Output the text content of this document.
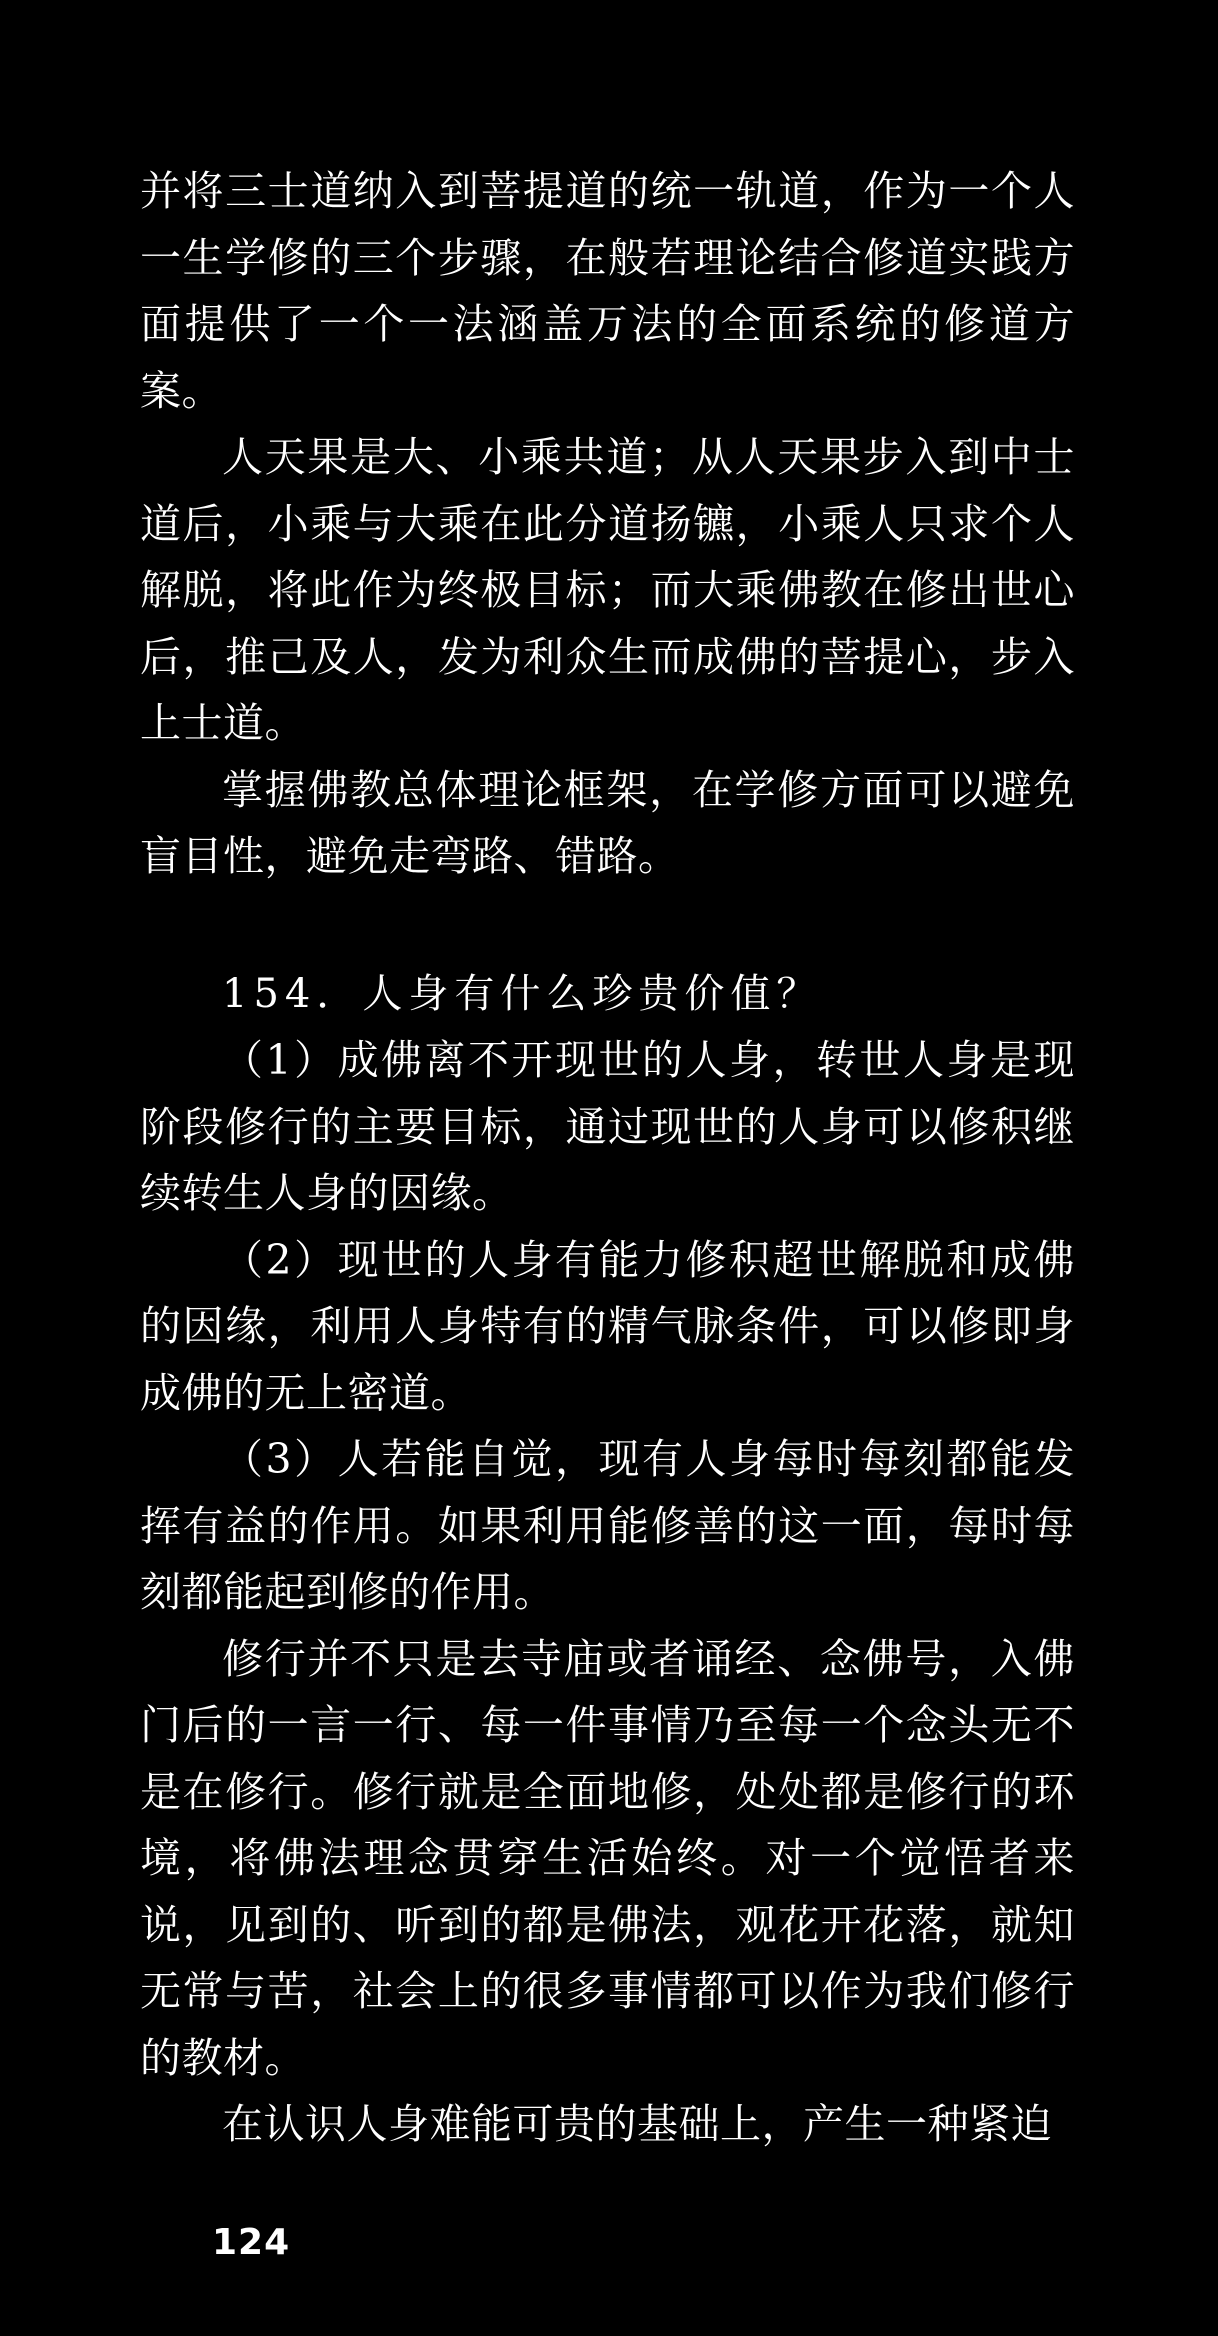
并将三士道纳入到菩提道的统一轨道，作为一个人一生学修的三个步骤，在般若理论结合修道实践方面提供了一个一法涵盖万法的全面系统的修道方案。

人天果是大、小乘共道；从人天果步入到中士道后，小乘与大乘在此分道扬镳，小乘人只求个人解脱，将此作为终极目标；而大乘佛教在修出世心后，推己及人，发为利众生而成佛的菩提心，步入上士道。

掌握佛教总体理论框架，在学修方面可以避免盲目性，避免走弯路、错路。

154．人身有什么珍贵价值？

（1）成佛离不开现世的人身，转世人身是现阶段修行的主要目标，通过现世的人身可以修积继续转生人身的因缘。

（2）现世的人身有能力修积超世解脱和成佛的因缘，利用人身特有的精气脉条件，可以修即身成佛的无上密道。

（3）人若能自觉，现有人身每时每刻都能发挥有益的作用。如果利用能修善的这一面，每时每刻都能起到修的作用。

修行并不只是去寺庙或者诵经、念佛号，入佛门后的一言一行、每一件事情乃至每一个念头无不是在修行。修行就是全面地修，处处都是修行的环境，将佛法理念贯穿生活始终。对一个觉悟者来说，见到的、听到的都是佛法，观花开花落，就知无常与苦，社会上的很多事情都可以作为我们修行的教材。

在认识人身难能可贵的基础上，产生一种紧迫

124
